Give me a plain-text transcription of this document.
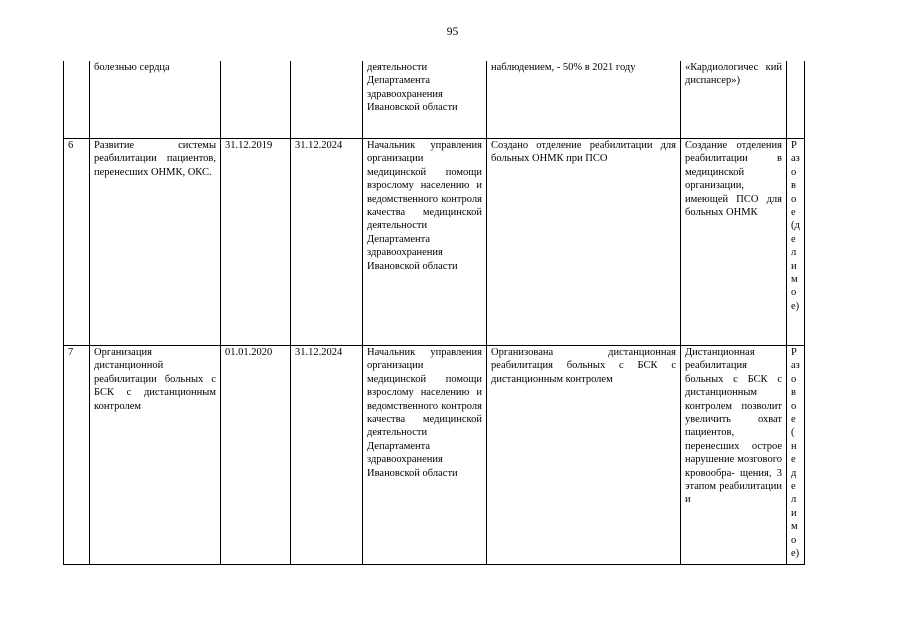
95
	болезнью сердца			деятельности Департамента здравоохранения Ивановской области	наблюдением, - 50% в 2021 году	«Кардиологичес кий диспансер»)	
6	Развитие системы реабилитации пациентов, перенесших ОНМК, ОКС.	31.12.2019	31.12.2024	Начальник управления организации медицинской помощи взрослому населению и ведомственного контроля качества медицинской деятельности Департамента здравоохранения Ивановской области	Создано отделение реабилитации для больных ОНМК при ПСО	Создание отделения реабилитации в медицинской организации, имеющей ПСО для больных ОНМК	Разовое (делимое)
7	Организация дистанционной реабилитации больных с БСК с дистанционным контролем	01.01.2020	31.12.2024	Начальник управления организации медицинской помощи взрослому населению и ведомственного контроля качества медицинской деятельности Департамента здравоохранения Ивановской области	Организована дистанционная реабилитация больных с БСК с дистанционным контролем	Дистанционная реабилитация больных с БСК с дистанционным контролем позволит увеличить охват пациентов, перенесших острое нарушение мозгового кровообра- щения, 3 этапом реабилитации и	Разовое (неделимое)
